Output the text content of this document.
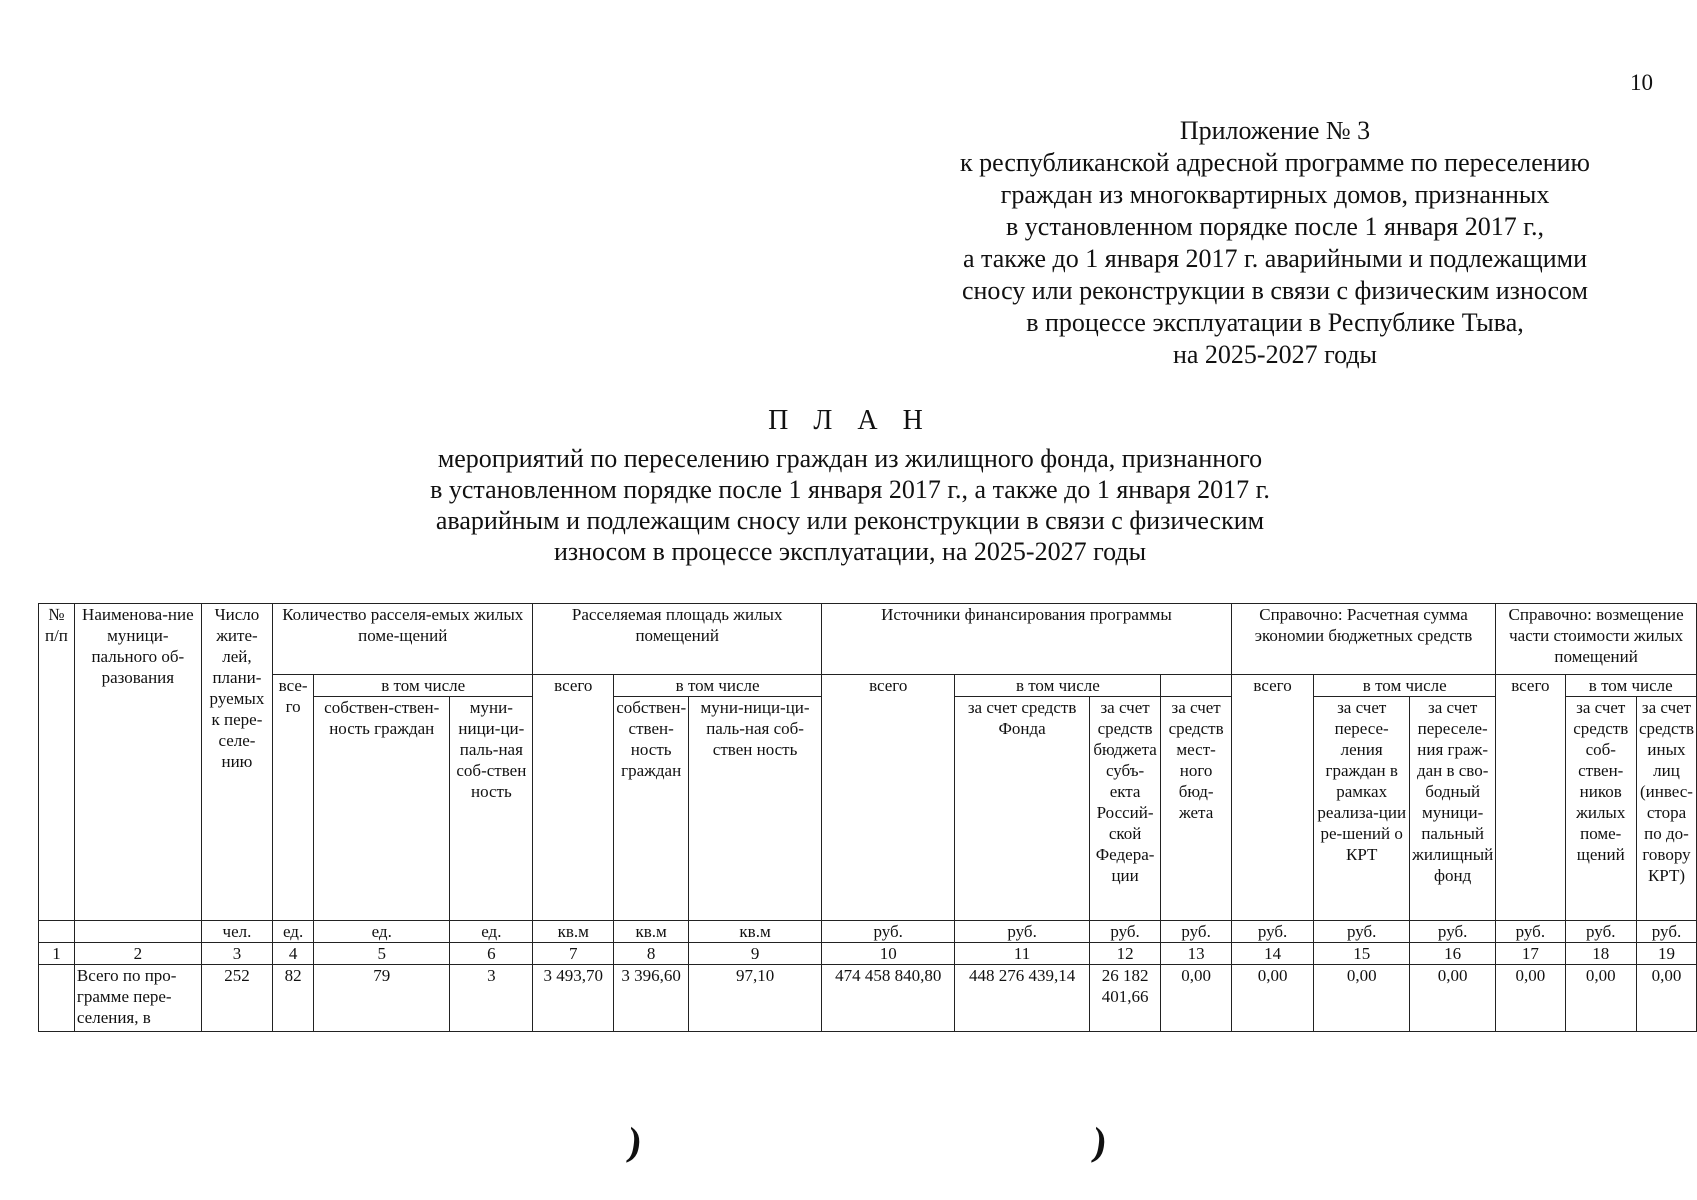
10
Приложение № 3
к республиканской адресной программе по переселению
граждан из многоквартирных домов, признанных
в установленном порядке после 1 января 2017 г.,
а также до 1 января 2017 г. аварийными и подлежащими
сносу или реконструкции в связи с физическим износом
в процессе эксплуатации в Республике Тыва,
на 2025-2027 годы
П Л А Н
мероприятий по переселению граждан из жилищного фонда, признанного
в установленном порядке после 1 января 2017 г., а также до 1 января 2017 г.
аварийным и подлежащим сносу или реконструкции в связи с физическим
износом в процессе эксплуатации, на 2025-2027 годы
№ п/п	Наименова-ние муници-пального об-разования	Число жите-лей, плани-руемых к пере-селе-нию	Количество расселя-емых жилых поме-щений			Расселяемая площадь жилых помещений			Источники финансирования программы				Справочно: Расчетная сумма экономии бюджетных средств			Справочно: возмещение части стоимости жилых помещений		
			все-го	в том числе		всего	в том числе		всего	в том числе			всего	в том числе		всего	в том числе	
				собствен-ствен-ность граждан	муни-ници-ци-паль-ная соб-ствен ность		собствен-ствен-ность граждан	муни-ници-ци-паль-ная соб-ствен ность		за счет средств Фонда	за счет средств бюджета субъ-екта Россий-ской Федера-ции	за счет средств мест-ного бюд-жета		за счет пересе-ления граждан в рамках реализа-ции ре-шений о КРТ	за счет переселе-ния граж-дан в сво-бодный муници-пальный жилищный фонд		за счет средств соб-ствен-ников жилых поме-щений	за счет средств иных лиц (инвес-стора по до-говору КРТ)
		чел.	ед.	ед.	ед.	кв.м	кв.м	кв.м	руб.	руб.	руб.	руб.	руб.	руб.	руб.	руб.	руб.	руб.
1	2	3	4	5	6	7	8	9	10	11	12	13	14	15	16	17	18	19
	Всего по про-грамме пере-селения, в	252	82	79	3	3 493,70	3 396,60	97,10	474 458 840,80	448 276 439,14	26 182 401,66	0,00	0,00	0,00	0,00	0,00	0,00	0,00
)	)
